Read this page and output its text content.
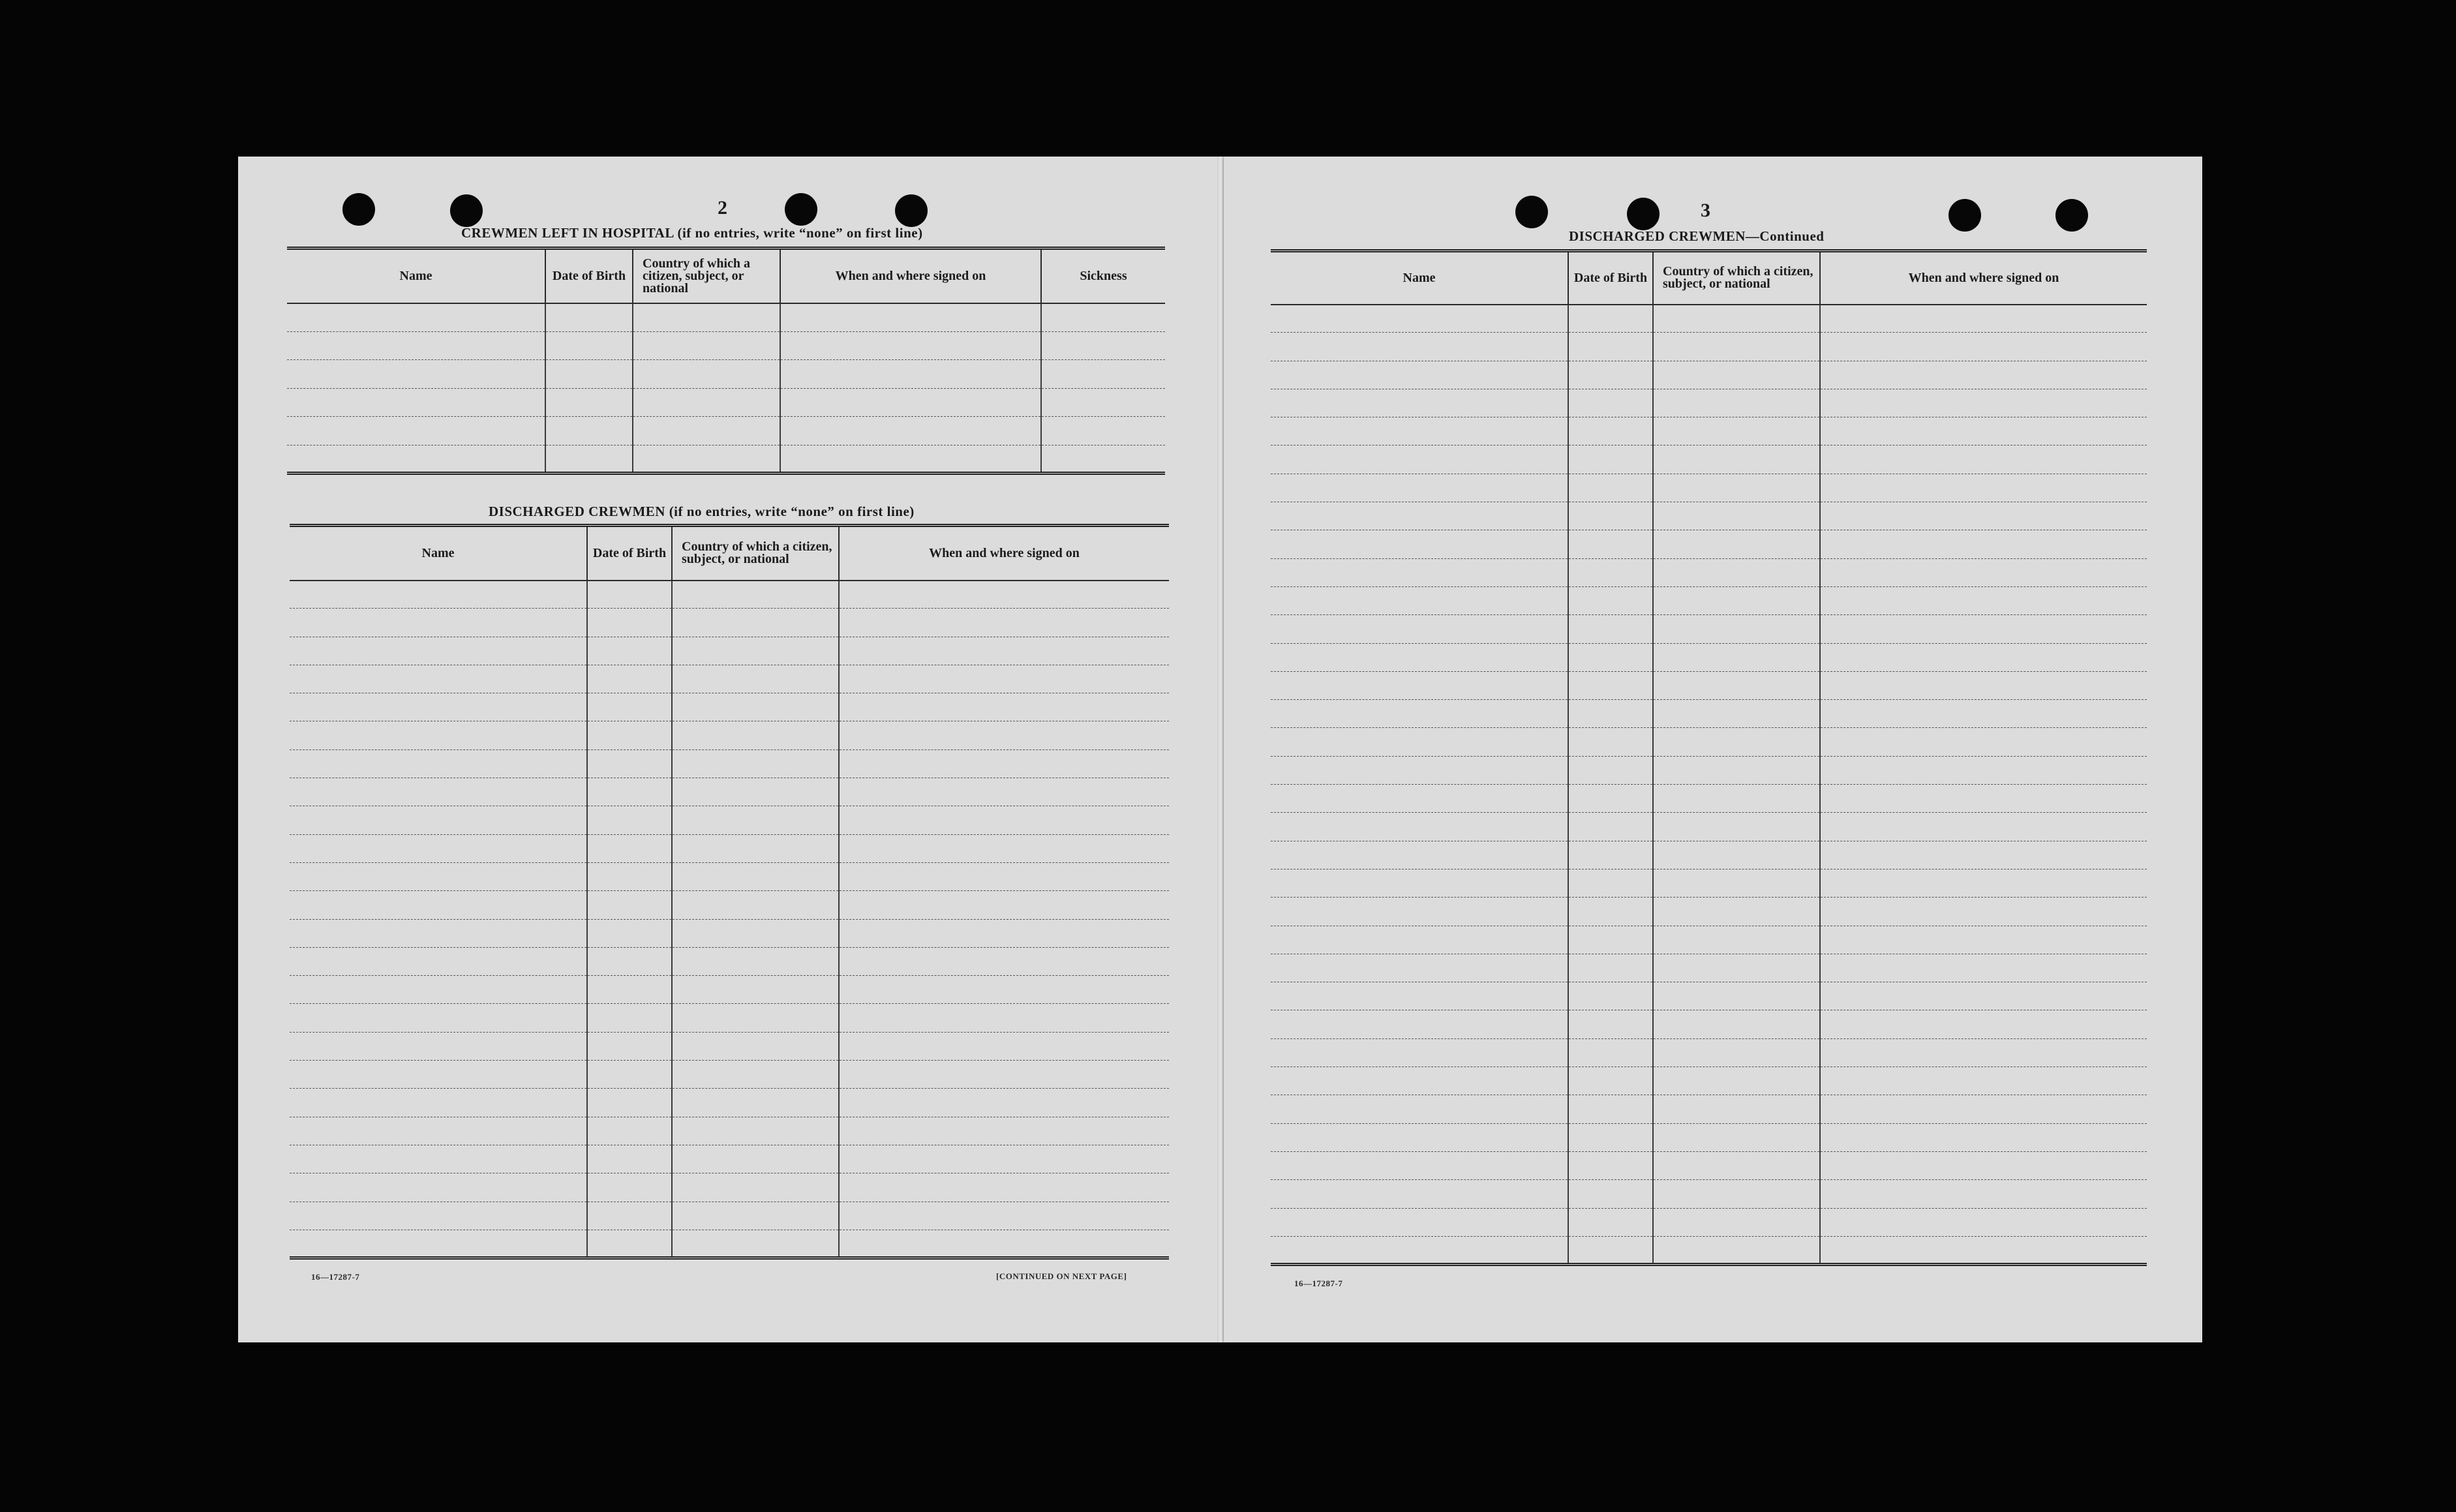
2
CREWMEN LEFT IN HOSPITAL (if no entries, write “none” on first line)
Name	Date of Birth	Country of which a citizen, subject, or national	When and where signed on	Sickness

DISCHARGED CREWMEN (if no entries, write “none” on first line)
Name	Date of Birth	Country of which a citizen, subject, or national	When and where signed on

16—17287-7	[CONTINUED ON NEXT PAGE]
3
DISCHARGED CREWMEN—Continued
Name	Date of Birth	Country of which a citizen, subject, or national	When and where signed on

16—17287-7
